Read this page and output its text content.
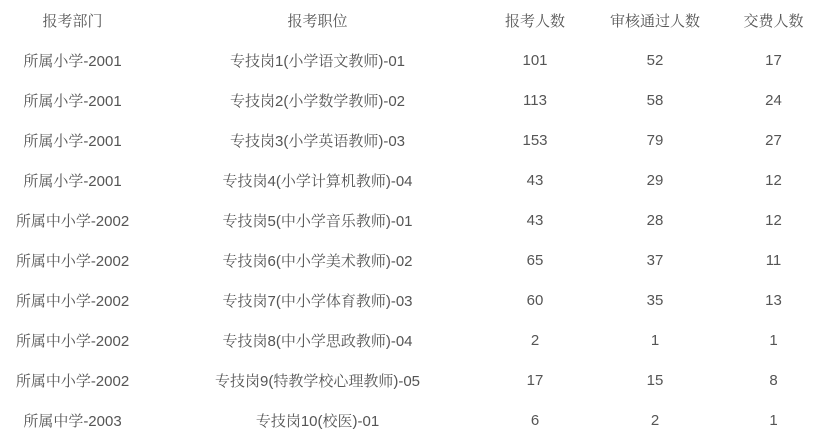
报考部门	报考职位	报考人数	审核通过人数	交费人数
所属小学-2001	专技岗1(小学语文教师)-01	101	52	17
所属小学-2001	专技岗2(小学数学教师)-02	113	58	24
所属小学-2001	专技岗3(小学英语教师)-03	153	79	27
所属小学-2001	专技岗4(小学计算机教师)-04	43	29	12
所属中小学-2002	专技岗5(中小学音乐教师)-01	43	28	12
所属中小学-2002	专技岗6(中小学美术教师)-02	65	37	11
所属中小学-2002	专技岗7(中小学体育教师)-03	60	35	13
所属中小学-2002	专技岗8(中小学思政教师)-04	2	1	1
所属中小学-2002	专技岗9(特教学校心理教师)-05	17	15	8
所属中学-2003	专技岗10(校医)-01	6	2	1
